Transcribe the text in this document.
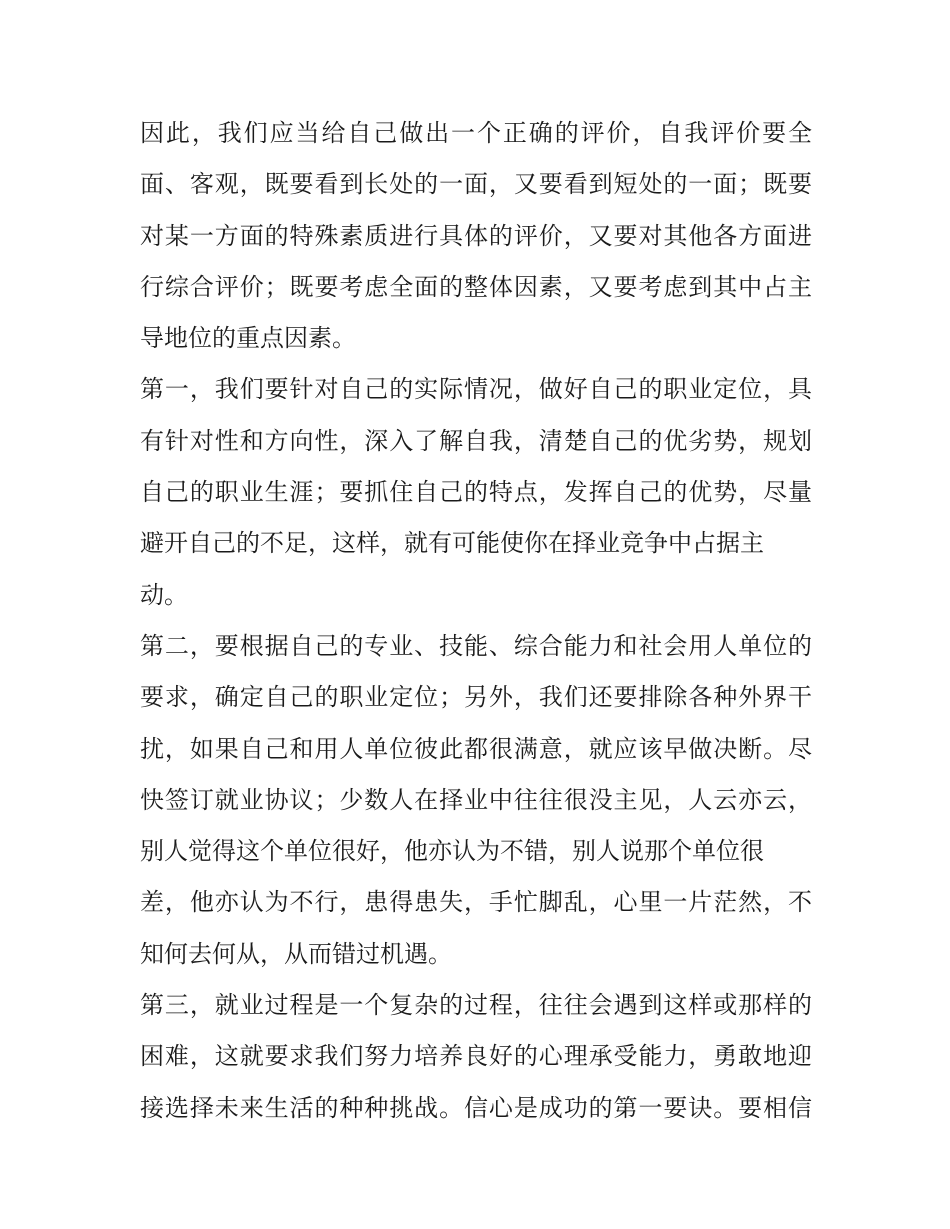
因此，我们应当给自己做出一个正确的评价，自我评价要全
面、客观，既要看到长处的一面，又要看到短处的一面；既要
对某一方面的特殊素质进行具体的评价，又要对其他各方面进
行综合评价；既要考虑全面的整体因素，又要考虑到其中占主
导地位的重点因素。

第一，我们要针对自己的实际情况，做好自己的职业定位，具
有针对性和方向性，深入了解自我，清楚自己的优劣势，规划
自己的职业生涯；要抓住自己的特点，发挥自己的优势，尽量
避开自己的不足，这样，就有可能使你在择业竞争中占据主
动。

第二，要根据自己的专业、技能、综合能力和社会用人单位的
要求，确定自己的职业定位；另外，我们还要排除各种外界干
扰，如果自己和用人单位彼此都很满意，就应该早做决断。尽
快签订就业协议；少数人在择业中往往很没主见，人云亦云，
别人觉得这个单位很好，他亦认为不错，别人说那个单位很
差，他亦认为不行，患得患失，手忙脚乱，心里一片茫然，不
知何去何从，从而错过机遇。

第三，就业过程是一个复杂的过程，往往会遇到这样或那样的
困难，这就要求我们努力培养良好的心理承受能力，勇敢地迎
接选择未来生活的种种挑战。信心是成功的第一要诀。要相信
